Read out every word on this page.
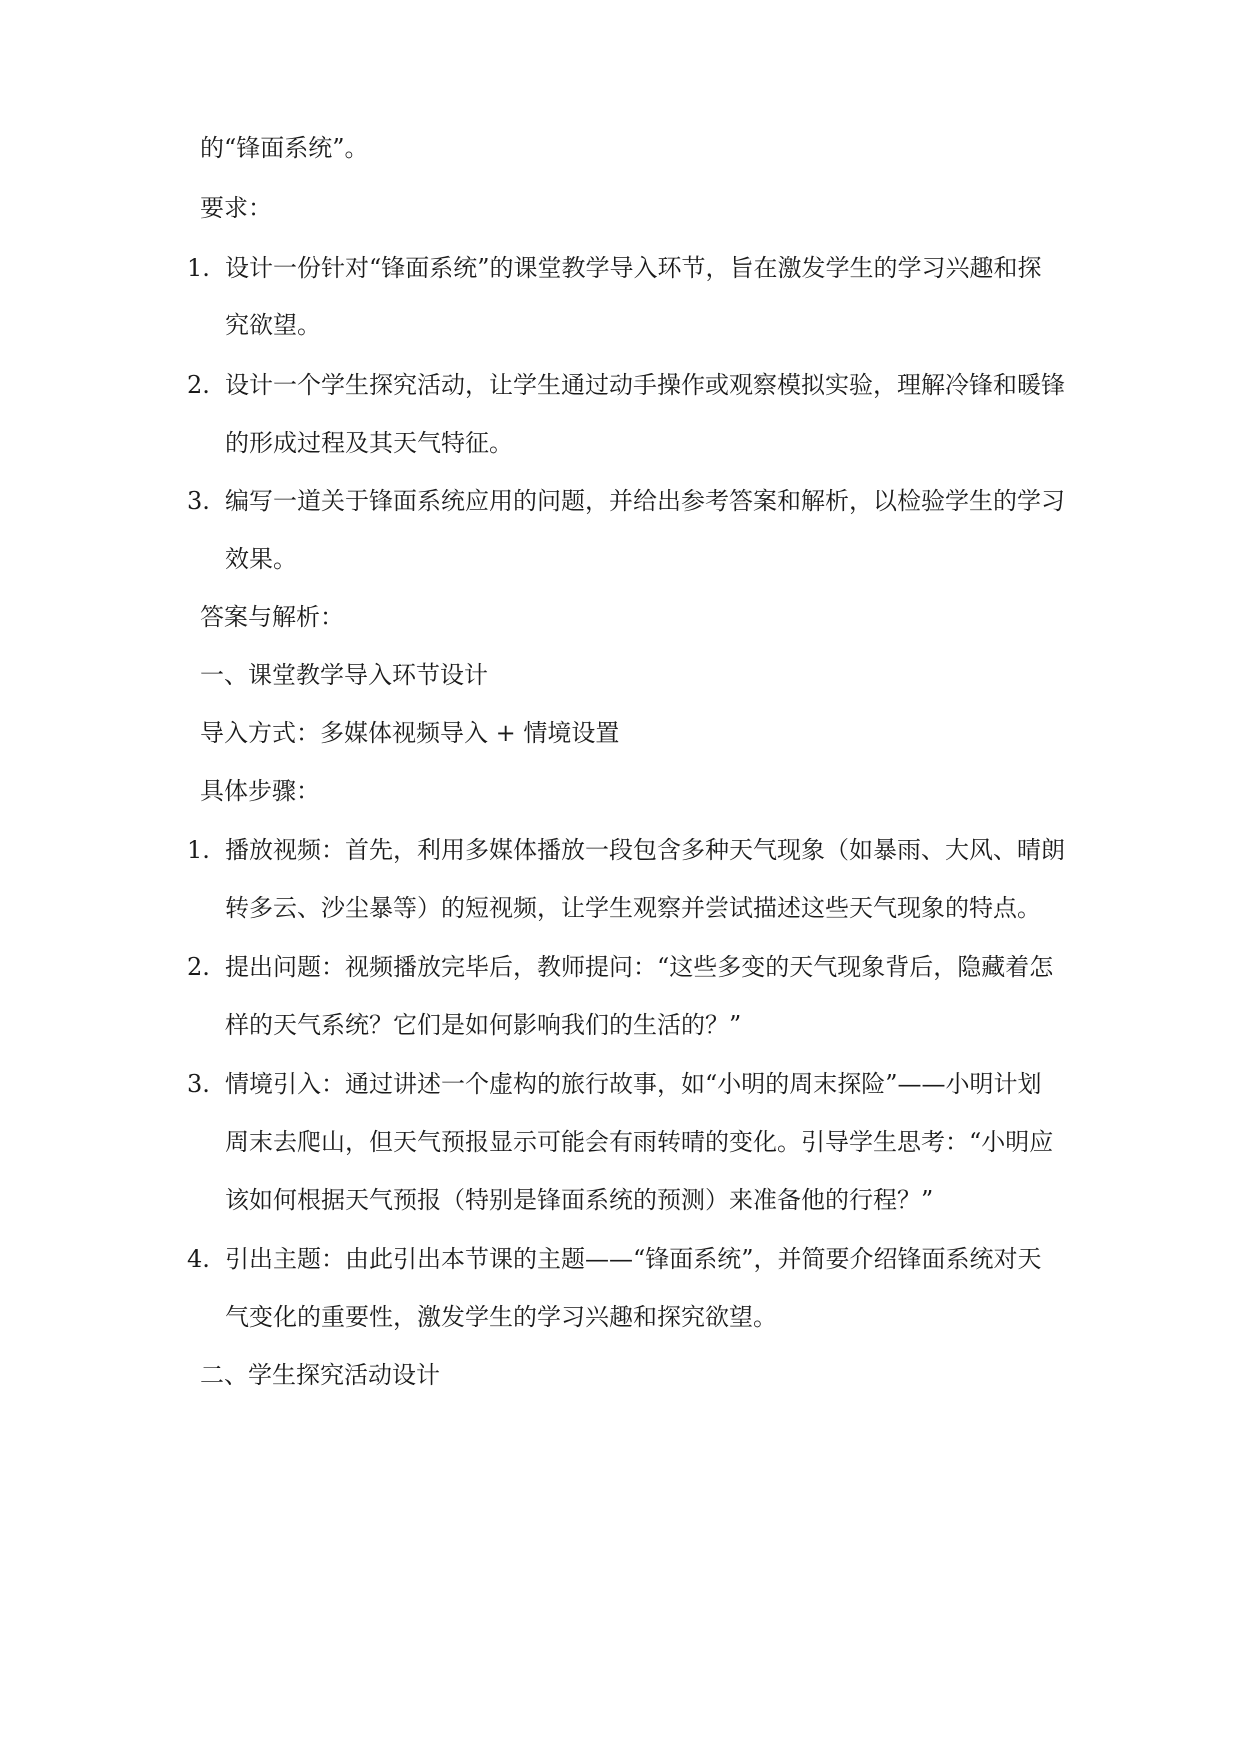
的“锋面系统”。
要求：
1. 设计一份针对“锋面系统”的课堂教学导入环节，旨在激发学生的学习兴趣和探
究欲望。
2. 设计一个学生探究活动，让学生通过动手操作或观察模拟实验，理解冷锋和暖锋
的形成过程及其天气特征。
3. 编写一道关于锋面系统应用的问题，并给出参考答案和解析，以检验学生的学习
效果。
答案与解析：
一、课堂教学导入环节设计
导入方式：多媒体视频导入 + 情境设置
具体步骤：
1. 播放视频：首先，利用多媒体播放一段包含多种天气现象（如暴雨、大风、晴朗
转多云、沙尘暴等）的短视频，让学生观察并尝试描述这些天气现象的特点。
2. 提出问题：视频播放完毕后，教师提问：“这些多变的天气现象背后，隐藏着怎
样的天气系统？它们是如何影响我们的生活的？”
3. 情境引入：通过讲述一个虚构的旅行故事，如“小明的周末探险”——小明计划
周末去爬山，但天气预报显示可能会有雨转晴的变化。引导学生思考：“小明应
该如何根据天气预报（特别是锋面系统的预测）来准备他的行程？”
4. 引出主题：由此引出本节课的主题——“锋面系统”，并简要介绍锋面系统对天
气变化的重要性，激发学生的学习兴趣和探究欲望。
二、学生探究活动设计
